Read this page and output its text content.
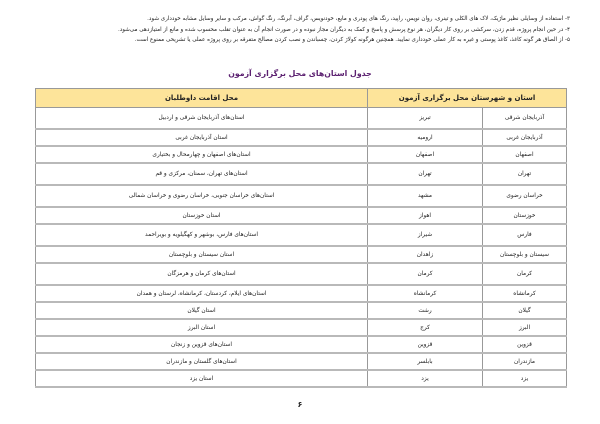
۳- استفاده از وسایلی نظیر ماژیک، لاک های الکلی و تینری، روان نویس، راپید، رنگ های پودری و مایع، خودنویس، گراف، آبرنگ، رنگ گواش، مرکب و سایر وسایل مشابه خودداری شود.

۴- در حین انجام پروژه، قدم زدن، سرکشی بر روی کار دیگران، هر نوع پرسش و پاسخ و کمک به دیگران مجاز نبوده و در صورت انجام آن به عنوان تقلب محسوب شده و مانع از امتیازدهی می‌شود.

۵- از الصاق هر گونه کاغذ، کاغذ پوستی و غیره به کار عملی خودداری نمایید. همچنین هرگونه کولاژ کردن، چسباندن و نصب کردن مصالح متفرقه بر روی پروژه عملی یا تشریحی ممنوع است.

جدول استان‌های محل برگزاری آزمون
استان و شهرستان محل برگزاری آزمون		محل اقامت داوطلبان
آذربایجان شرقی	تبریز	استان‌های آذربایجان شرقی و اردبیل
آذربایجان غربی	ارومیه	استان آذربایجان غربی
اصفهان	اصفهان	استان‌های اصفهان و چهارمحال و بختیاری
تهران	تهران	استان‌های تهران، سمنان، مرکزی و قم
خراسان رضوی	مشهد	استان‌های خراسان جنوبی، خراسان رضوی و خراسان شمالی
خوزستان	اهواز	استان خوزستان
فارس	شیراز	استان‌های فارس، بوشهر و کهگیلویه و بویراحمد
سیستان و بلوچستان	زاهدان	استان سیستان و بلوچستان
کرمان	کرمان	استان‌های کرمان و هرمزگان
کرمانشاه	کرمانشاه	استان‌های ایلام، کردستان، کرمانشاه، لرستان و همدان
گیلان	رشت	استان گیلان
البرز	کرج	استان البرز
قزوین	قزوین	استان‌های قزوین و زنجان
مازندران	بابلسر	استان‌های گلستان و مازندران
یزد	یزد	استان یزد
۶
